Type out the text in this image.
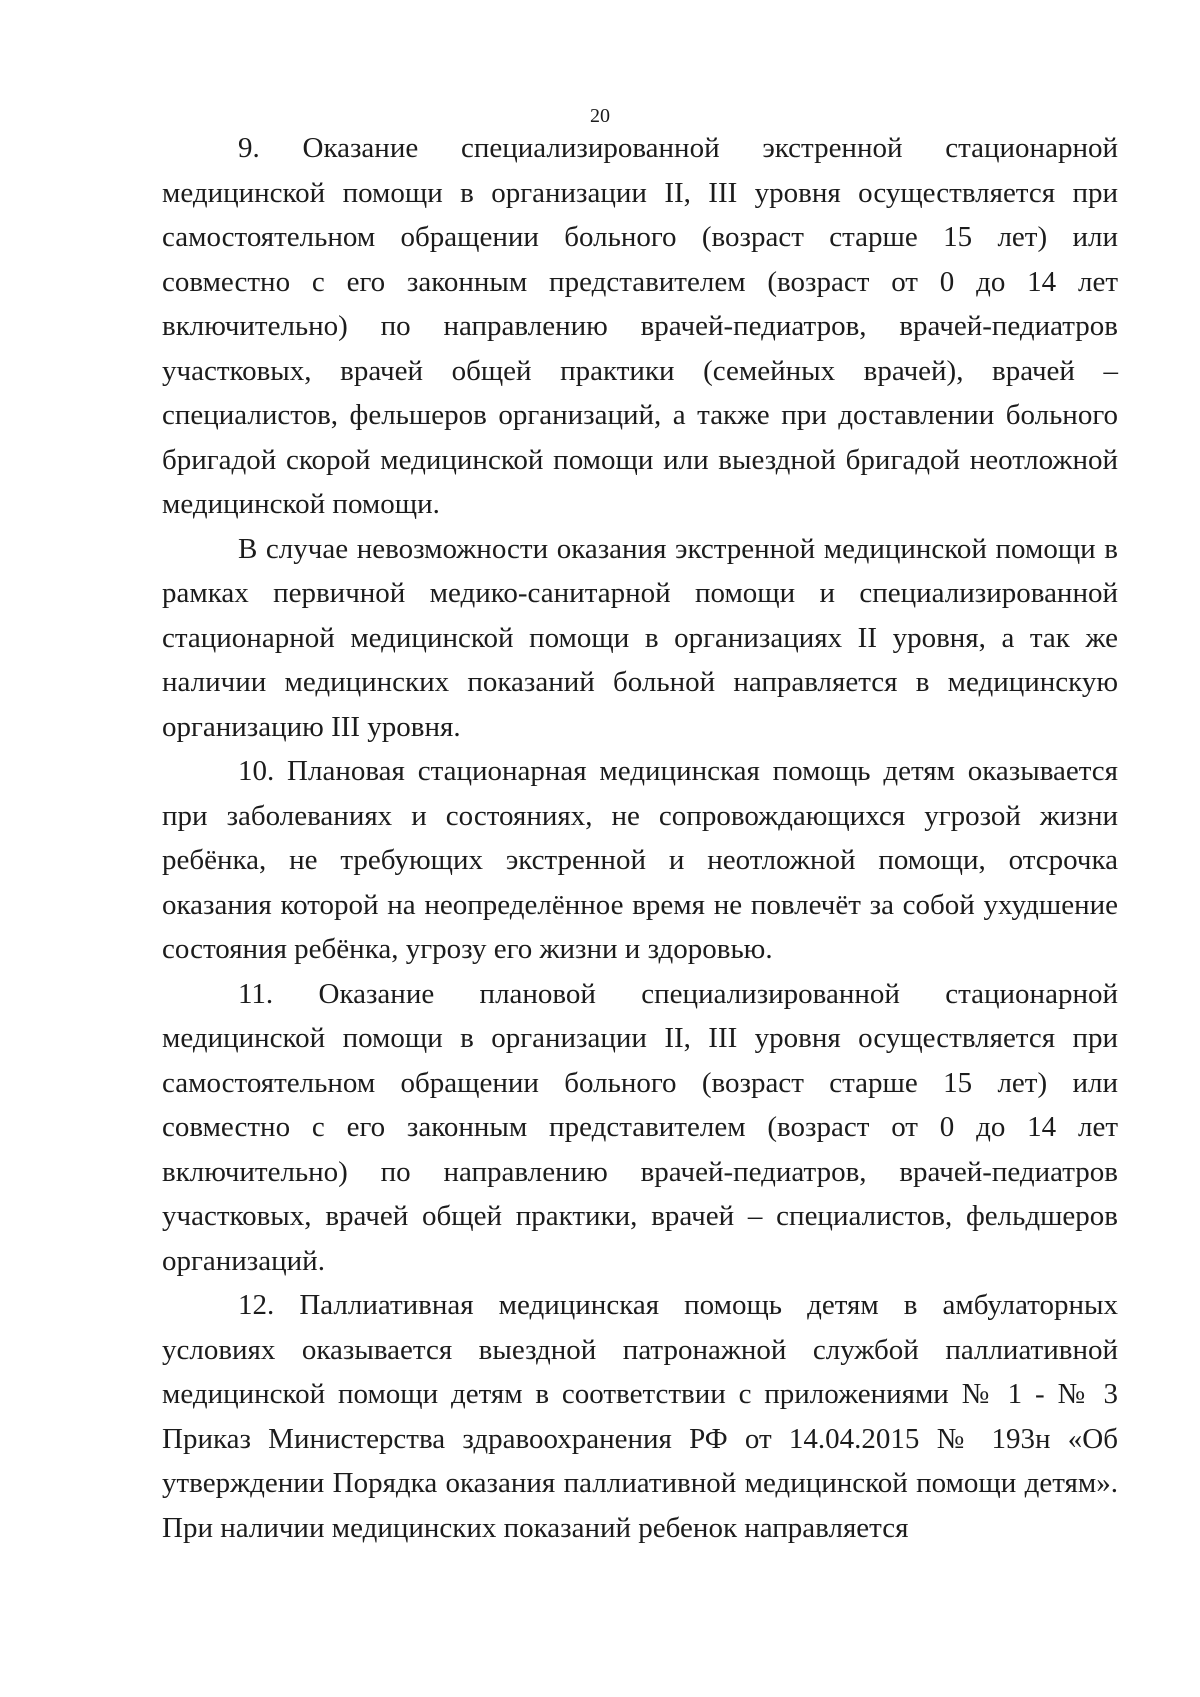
20

9. Оказание специализированной экстренной стационарной медицинской помощи в организации II, III уровня осуществляется при самостоятельном обращении больного (возраст старше 15 лет) или совместно с его законным представителем (возраст от 0 до 14 лет включительно) по направлению врачей-педиатров, врачей-педиатров участковых, врачей общей практики (семейных врачей), врачей – специалистов, фельшеров организаций, а также при доставлении больного бригадой скорой медицинской помощи или выездной бригадой неотложной медицинской помощи.

В случае невозможности оказания экстренной медицинской помощи в рамках первичной медико-санитарной помощи и специализированной стационарной медицинской помощи в организациях II уровня, а так же наличии медицинских показаний больной направляется в медицинскую организацию III уровня.

10. Плановая стационарная медицинская помощь детям оказывается при заболеваниях и состояниях, не сопровождающихся угрозой жизни ребёнка, не требующих экстренной и неотложной помощи, отсрочка оказания которой на неопределённое время не повлечёт за собой ухудшение состояния ребёнка, угрозу его жизни и здоровью.

11. Оказание плановой специализированной стационарной медицинской помощи в организации II, III уровня осуществляется при самостоятельном обращении больного (возраст старше 15 лет) или совместно с его законным представителем (возраст от 0 до 14 лет включительно) по направлению врачей-педиатров, врачей-педиатров участковых, врачей общей практики, врачей – специалистов, фельдшеров организаций.

12. Паллиативная медицинская помощь детям в амбулаторных условиях оказывается выездной патронажной службой паллиативной медицинской помощи детям в соответствии с приложениями № 1 - № 3 Приказ Министерства здравоохранения РФ от 14.04.2015 № 193н «Об утверждении Порядка оказания паллиативной медицинской помощи детям». При наличии медицинских показаний ребенок направляется
